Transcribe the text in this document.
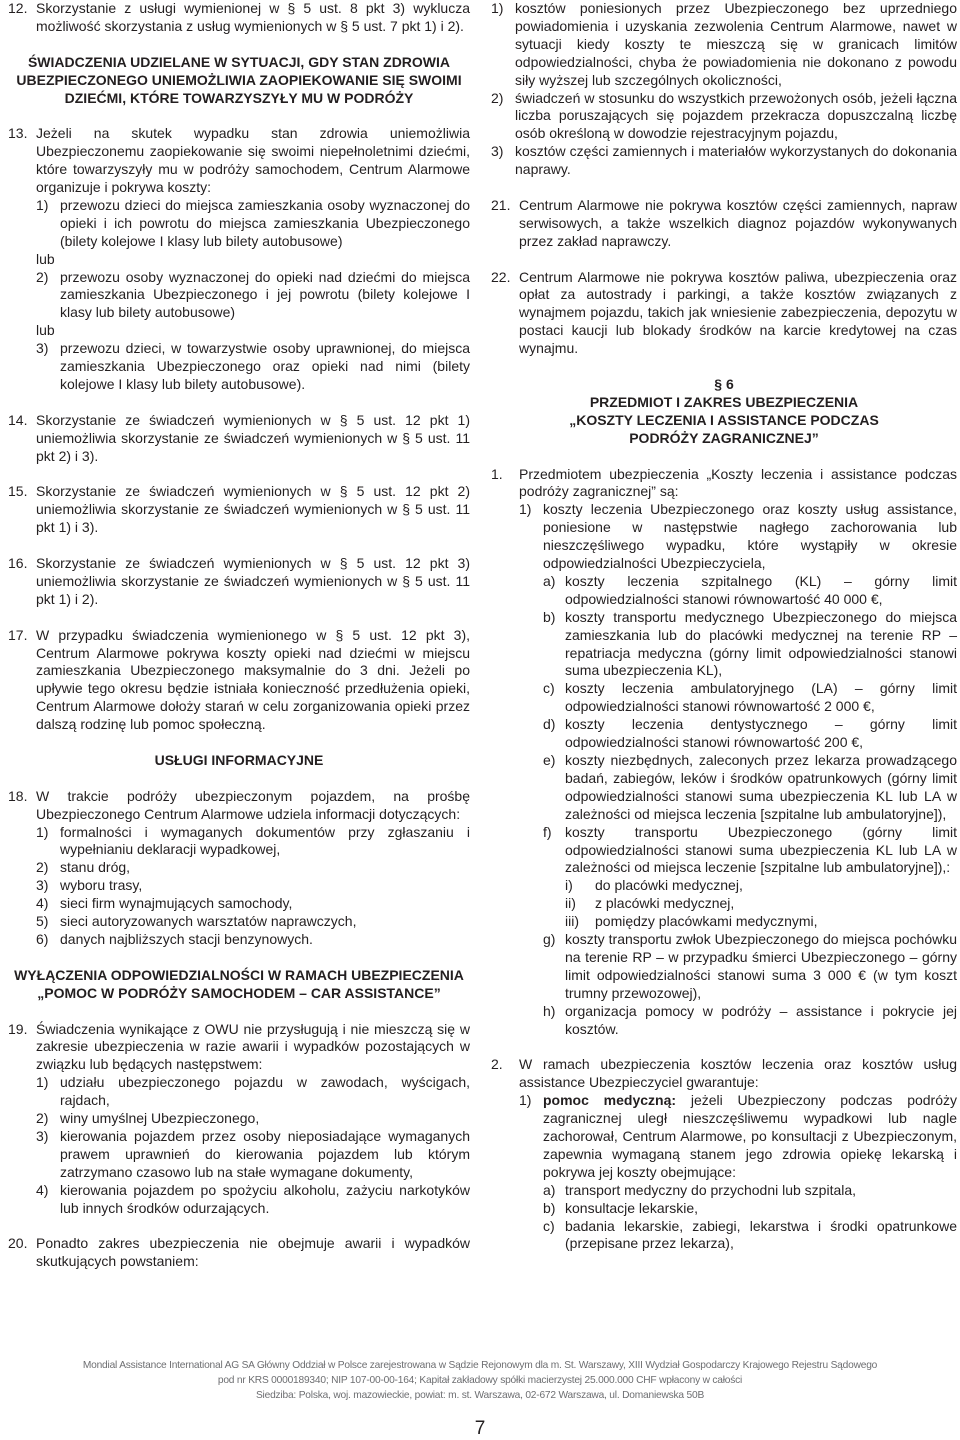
12. Skorzystanie z usługi wymienionej w § 5 ust. 8 pkt 3) wyklucza możliwość skorzystania z usług wymienionych w § 5 ust. 7 pkt 1) i 2).
ŚWIADCZENIA UDZIELANE W SYTUACJI, GDY STAN ZDROWIA UBEZPIECZONEGO UNIEMOŻLIWIA ZAOPIEKOWANIE SIĘ SWOIMI DZIEĆMI, KTÓRE TOWARZYSZYŁY MU W PODRÓŻY
13. Jeżeli na skutek wypadku stan zdrowia uniemożliwia Ubezpieczonemu zaopiekowanie się swoimi niepełnoletnimi dziećmi, które towarzyszyły mu w podróży samochodem, Centrum Alarmowe organizuje i pokrywa koszty:

1) przewozu dzieci do miejsca zamieszkania osoby wyznaczonej do opieki i ich powrotu do miejsca zamieszkania Ubezpieczonego (bilety kolejowe I klasy lub bilety autobusowe)
lub
2) przewozu osoby wyznaczonej do opieki nad dziećmi do miejsca zamieszkania Ubezpieczonego i jej powrotu (bilety kolejowe I klasy lub bilety autobusowe)
lub
3) przewozu dzieci, w towarzystwie osoby uprawnionej, do miejsca zamieszkania Ubezpieczonego oraz opieki nad nimi (bilety kolejowe I klasy lub bilety autobusowe).
14. Skorzystanie ze świadczeń wymienionych w § 5 ust. 12 pkt 1) uniemożliwia skorzystanie ze świadczeń wymienionych w § 5 ust. 11 pkt 2) i 3).
15. Skorzystanie ze świadczeń wymienionych w § 5 ust. 12 pkt 2) uniemożliwia skorzystanie ze świadczeń wymienionych w § 5 ust. 11 pkt 1) i 3).
16. Skorzystanie ze świadczeń wymienionych w § 5 ust. 12 pkt 3) uniemożliwia skorzystanie ze świadczeń wymienionych w § 5 ust. 11 pkt 1) i 2).
17. W przypadku świadczenia wymienionego w § 5 ust. 12 pkt 3), Centrum Alarmowe pokrywa koszty opieki nad dziećmi w miejscu zamieszkania Ubezpieczonego maksymalnie do 3 dni. Jeżeli po upływie tego okresu będzie istniała konieczność przedłużenia opieki, Centrum Alarmowe dołoży starań w celu zorganizowania opieki przez dalszą rodzinę lub pomoc społeczną.
USŁUGI INFORMACYJNE
18. W trakcie podróży ubezpieczonym pojazdem, na prośbę Ubezpieczonego Centrum Alarmowe udziela informacji dotyczących:

1) formalności i wymaganych dokumentów przy zgłaszaniu i wypełnianiu deklaracji wypadkowej,
2) stanu dróg,
3) wyboru trasy,
4) sieci firm wynajmujących samochody,
5) sieci autoryzowanych warsztatów naprawczych,
6) danych najbliższych stacji benzynowych.
WYŁĄCZENIA ODPOWIEDZIALNOŚCI W RAMACH UBEZPIECZENIA „POMOC W PODRÓŻY SAMOCHODEM – CAR ASSISTANCE”
19. Świadczenia wynikające z OWU nie przysługują i nie mieszczą się w zakresie ubezpieczenia w razie awarii i wypadków pozostających w związku lub będących następstwem:

1) udziału ubezpieczonego pojazdu w zawodach, wyścigach, rajdach,
2) winy umyślnej Ubezpieczonego,
3) kierowania pojazdem przez osoby nieposiadające wymaganych prawem uprawnień do kierowania pojazdem lub którym zatrzymano czasowo lub na stałe wymagane dokumenty,
4) kierowania pojazdem po spożyciu alkoholu, zażyciu narkotyków lub innych środków odurzających.
20. Ponadto zakres ubezpieczenia nie obejmuje awarii i wypadków skutkujących powstaniem:
1) kosztów poniesionych przez Ubezpieczonego bez uprzedniego powiadomienia i uzyskania zezwolenia Centrum Alarmowe, nawet w sytuacji kiedy koszty te mieszczą się w granicach limitów odpowiedzialności, chyba że powiadomienia nie dokonano z powodu siły wyższej lub szczególnych okoliczności,
2) świadczeń w stosunku do wszystkich przewożonych osób, jeżeli łączna liczba poruszających się pojazdem przekracza dopuszczalną liczbę osób określoną w dowodzie rejestracyjnym pojazdu,
3) kosztów części zamiennych i materiałów wykorzystanych do dokonania naprawy.
21. Centrum Alarmowe nie pokrywa kosztów części zamiennych, napraw serwisowych, a także wszelkich diagnoz pojazdów wykonywanych przez zakład naprawczy.
22. Centrum Alarmowe nie pokrywa kosztów paliwa, ubezpieczenia oraz opłat za autostrady i parkingi, a także kosztów związanych z wynajmem pojazdu, takich jak wniesienie zabezpieczenia, depozytu w postaci kaucji lub blokady środków na karcie kredytowej na czas wynajmu.
§ 6
PRZEDMIOT I ZAKRES UBEZPIECZENIA
„KOSZTY LECZENIA I ASSISTANCE PODCZAS PODRÓŻY ZAGRANICZNEJ”
1.	Przedmiotem ubezpieczenia „Koszty leczenia i assistance podczas podróży zagranicznej” są:

1) koszty leczenia Ubezpieczonego oraz koszty usług assistance, poniesione w następstwie nagłego zachorowania lub nieszczęśliwego wypadku, które wystąpiły w okresie odpowiedzialności Ubezpieczyciela,
a) koszty leczenia szpitalnego (KL) – górny limit odpowiedzialności stanowi równowartość 40 000 €,
b) koszty transportu medycznego Ubezpieczonego do miejsca zamieszkania lub do placówki medycznej na terenie RP – repatriacja medyczna (górny limit odpowiedzialności stanowi suma ubezpieczenia KL),
c) koszty leczenia ambulatoryjnego (LA) – górny limit odpowiedzialności stanowi równowartość 2 000 €,
d) koszty leczenia dentystycznego – górny limit odpowiedzialności stanowi równowartość 200 €,
e) koszty niezbędnych, zaleconych przez lekarza prowadzącego badań, zabiegów, leków i środków opatrunkowych (górny limit odpowiedzialności stanowi suma ubezpieczenia KL lub LA w zależności od miejsca leczenia [szpitalne lub ambulatoryjne]),
f) koszty transportu Ubezpieczonego (górny limit odpowiedzialności stanowi suma ubezpieczenia KL lub LA w zależności od miejsca leczenie [szpitalne lub ambulatoryjne]),:
i)	do placówki medycznej,
ii)	z placówki medycznej,
iii)	pomiędzy placówkami medycznymi,
g) koszty transportu zwłok Ubezpieczonego do miejsca pochówku na terenie RP – w przypadku śmierci Ubezpieczonego – górny limit odpowiedzialności stanowi suma 3 000 € (w tym koszt trumny przewozowej),
h) organizacja pomocy w podróży – assistance i pokrycie jej kosztów.
2.	W ramach ubezpieczenia kosztów leczenia oraz kosztów usług assistance Ubezpieczyciel gwarantuje:

1) pomoc medyczną: jeżeli Ubezpieczony podczas podróży zagranicznej uległ nieszczęśliwemu wypadkowi lub nagle zachorował, Centrum Alarmowe, po konsultacji z Ubezpieczonym, zapewnia wymaganą stanem jego zdrowia opiekę lekarską i pokrywa jej koszty obejmujące:
a) transport medyczny do przychodni lub szpitala,
b) konsultacje lekarskie,
c) badania lekarskie, zabiegi, lekarstwa i środki opatrunkowe (przepisane przez lekarza),
Mondial Assistance International AG SA Główny Oddział w Polsce zarejestrowana w Sądzie Rejonowym dla m. St. Warszawy, XIII Wydział Gospodarczy Krajowego Rejestru Sądowego
pod nr KRS 0000189340; NIP 107-00-00-164; Kapitał zakładowy spółki macierzystej 25.000.000 CHF wpłacony w całości
Siedziba: Polska, woj. mazowieckie, powiat: m. st. Warszawa, 02-672 Warszawa, ul. Domaniewska 50B
7
